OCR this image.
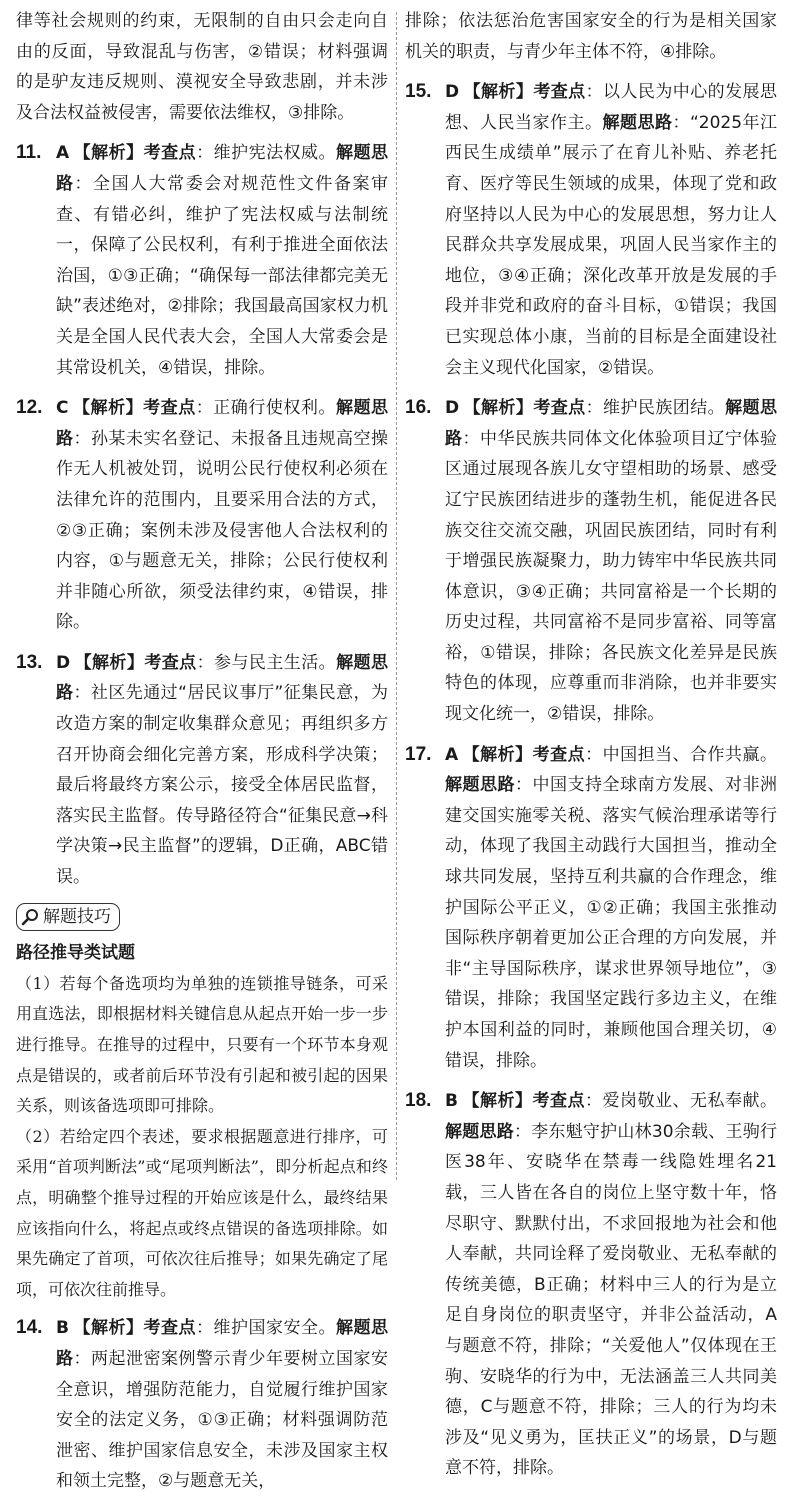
律等社会规则的约束，无限制的自由只会走向自由的反面，导致混乱与伤害，②错误；材料强调的是驴友违反规则、漠视安全导致悲剧，并未涉及合法权益被侵害，需要依法维权，③排除。

11. A 【解析】考查点：维护宪法权威。解题思路：全国人大常委会对规范性文件备案审查、有错必纠，维护了宪法权威与法制统一，保障了公民权利，有利于推进全面依法治国，①③正确；“确保每一部法律都完美无缺”表述绝对，②排除；我国最高国家权力机关是全国人民代表大会，全国人大常委会是其常设机关，④错误，排除。
12. C 【解析】考查点：正确行使权利。解题思路：孙某未实名登记、未报备且违规高空操作无人机被处罚，说明公民行使权利必须在法律允许的范围内，且要采用合法的方式，②③正确；案例未涉及侵害他人合法权利的内容，①与题意无关，排除；公民行使权利并非随心所欲，须受法律约束，④错误，排除。
13. D 【解析】考查点：参与民主生活。解题思路：社区先通过“居民议事厅”征集民意，为改造方案的制定收集群众意见；再组织多方召开协商会细化完善方案，形成科学决策；最后将最终方案公示，接受全体居民监督，落实民主监督。传导路径符合“征集民意→科学决策→民主监督”的逻辑，D正确，ABC错误。
解题技巧
路径推导类试题

（1）若每个备选项均为单独的连锁推导链条，可采用直选法，即根据材料关键信息从起点开始一步一步进行推导。在推导的过程中，只要有一个环节本身观点是错误的，或者前后环节没有引起和被引起的因果关系，则该备选项即可排除。

（2）若给定四个表述，要求根据题意进行排序，可采用“首项判断法”或“尾项判断法”，即分析起点和终点，明确整个推导过程的开始应该是什么，最终结果应该指向什么，将起点或终点错误的备选项排除。如果先确定了首项，可依次往后推导；如果先确定了尾项，可依次往前推导。

14. B 【解析】考查点：维护国家安全。解题思路：两起泄密案例警示青少年要树立国家安全意识，增强防范能力，自觉履行维护国家安全的法定义务，①③正确；材料强调防范泄密、维护国家信息安全，未涉及国家主权和领土完整，②与题意无关，

排除；依法惩治危害国家安全的行为是相关国家机关的职责，与青少年主体不符，④排除。

15. D 【解析】考查点：以人民为中心的发展思想、人民当家作主。解题思路：“2025年江西民生成绩单”展示了在育儿补贴、养老托育、医疗等民生领域的成果，体现了党和政府坚持以人民为中心的发展思想，努力让人民群众共享发展成果，巩固人民当家作主的地位，③④正确；深化改革开放是发展的手段并非党和政府的奋斗目标，①错误；我国已实现总体小康，当前的目标是全面建设社会主义现代化国家，②错误。
16. D 【解析】考查点：维护民族团结。解题思路：中华民族共同体文化体验项目辽宁体验区通过展现各族儿女守望相助的场景、感受辽宁民族团结进步的蓬勃生机，能促进各民族交往交流交融，巩固民族团结，同时有利于增强民族凝聚力，助力铸牢中华民族共同体意识，③④正确；共同富裕是一个长期的历史过程，共同富裕不是同步富裕、同等富裕，①错误，排除；各民族文化差异是民族特色的体现，应尊重而非消除，也并非要实现文化统一，②错误，排除。
17. A 【解析】考查点：中国担当、合作共赢。解题思路：中国支持全球南方发展、对非洲建交国实施零关税、落实气候治理承诺等行动，体现了我国主动践行大国担当，推动全球共同发展，坚持互利共赢的合作理念，维护国际公平正义，①②正确；我国主张推动国际秩序朝着更加公正合理的方向发展，并非“主导国际秩序，谋求世界领导地位”，③错误，排除；我国坚定践行多边主义，在维护本国利益的同时，兼顾他国合理关切，④错误，排除。
18. B 【解析】考查点：爱岗敬业、无私奉献。解题思路：李东魁守护山林30余载、王驹行医38年、安晓华在禁毒一线隐姓埋名21载，三人皆在各自的岗位上坚守数十年，恪尽职守、默默付出，不求回报地为社会和他人奉献，共同诠释了爱岗敬业、无私奉献的传统美德，B正确；材料中三人的行为是立足自身岗位的职责坚守，并非公益活动，A与题意不符，排除；“关爱他人”仅体现在王驹、安晓华的行为中，无法涵盖三人共同美德，C与题意不符，排除；三人的行为均未涉及“见义勇为，匡扶正义”的场景，D与题意不符，排除。
